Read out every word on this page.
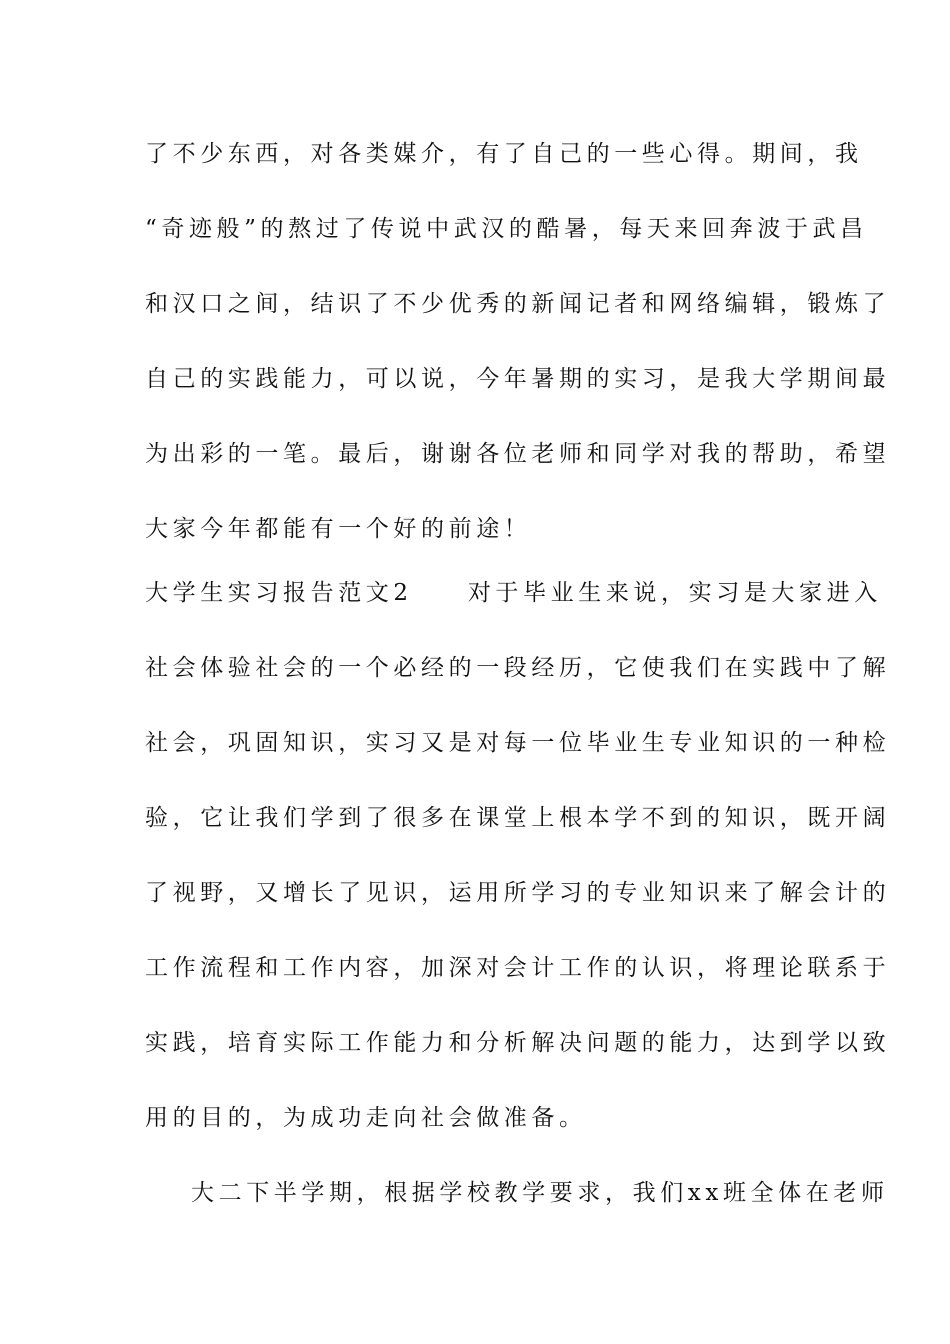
了不少东西，对各类媒介，有了自己的一些心得。期间，我
“奇迹般”的熬过了传说中武汉的酷暑，每天来回奔波于武昌
和汉口之间，结识了不少优秀的新闻记者和网络编辑，锻炼了
自己的实践能力，可以说，今年暑期的实习，是我大学期间最
为出彩的一笔。最后，谢谢各位老师和同学对我的帮助，希望
大家今年都能有一个好的前途！
大学生实习报告范文2　　对于毕业生来说，实习是大家进入
社会体验社会的一个必经的一段经历，它使我们在实践中了解
社会，巩固知识，实习又是对每一位毕业生专业知识的一种检
验，它让我们学到了很多在课堂上根本学不到的知识，既开阔
了视野，又增长了见识，运用所学习的专业知识来了解会计的
工作流程和工作内容，加深对会计工作的认识，将理论联系于
实践，培育实际工作能力和分析解决问题的能力，达到学以致
用的目的，为成功走向社会做准备。
大二下半学期，根据学校教学要求，我们xx班全体在老师
